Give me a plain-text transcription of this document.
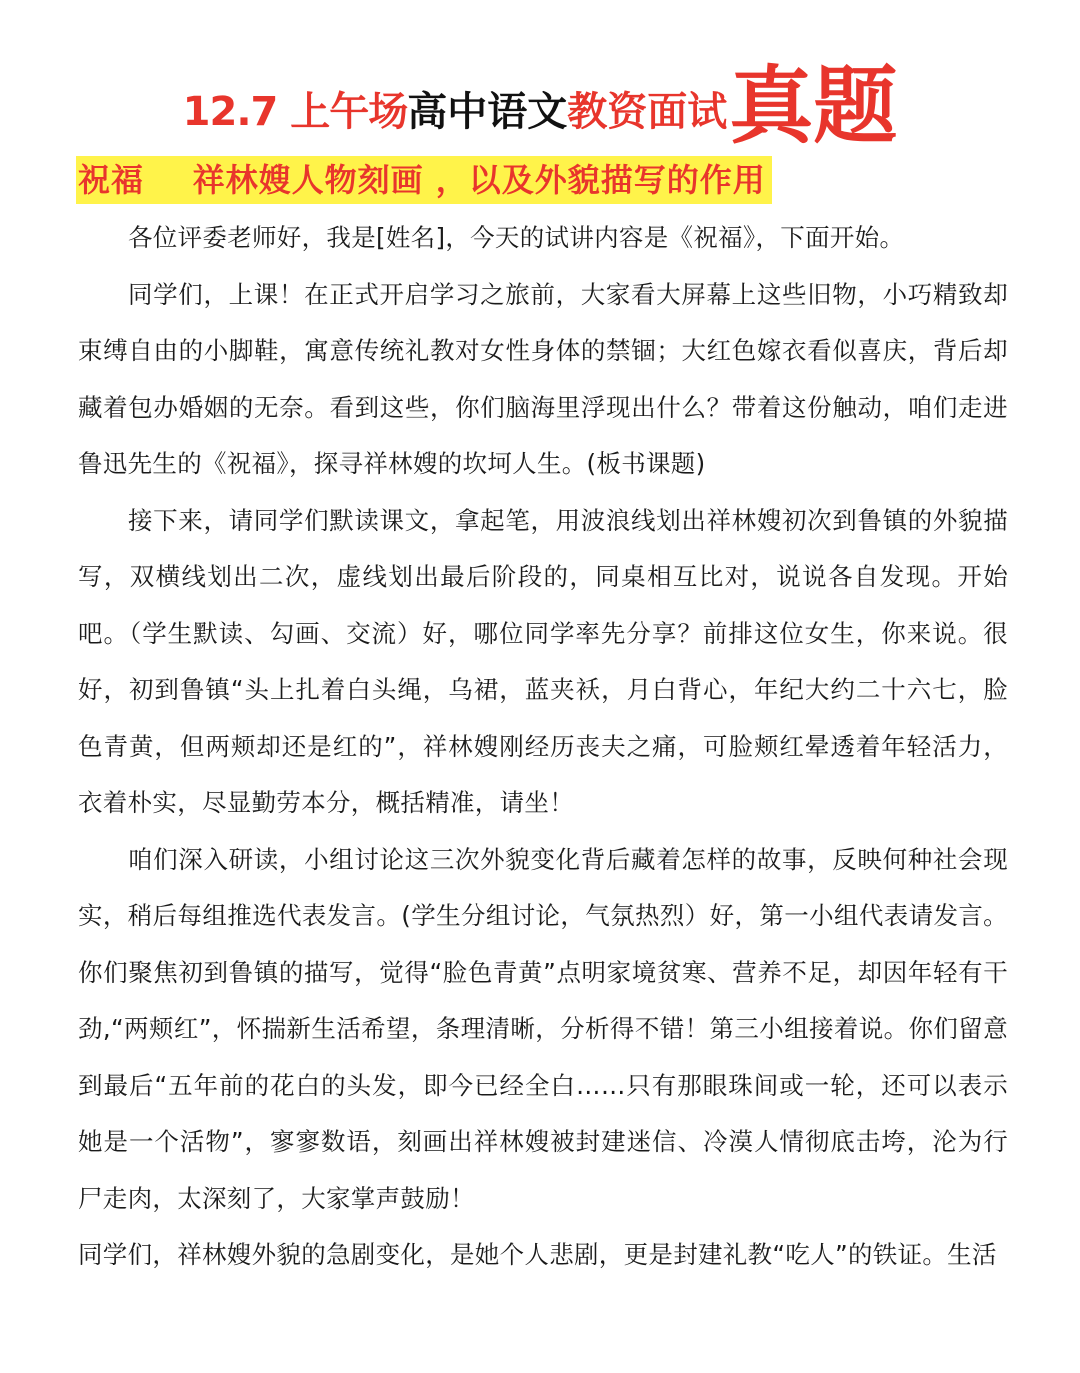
12.7 上午场 高中语文 教资面试 真题
祝福    祥林嫂人物刻画 ，以及外貌描写的作用

各位评委老师好，我是[姓名]，今天的试讲内容是《祝福》，下面开始。

同学们，上课！在正式开启学习之旅前，大家看大屏幕上这些旧物，小巧精致却束缚自由的小脚鞋，寓意传统礼教对女性身体的禁锢；大红色嫁衣看似喜庆，背后却藏着包办婚姻的无奈。看到这些，你们脑海里浮现出什么？带着这份触动，咱们走进鲁迅先生的《祝福》，探寻祥林嫂的坎坷人生。(板书课题)

接下来，请同学们默读课文，拿起笔，用波浪线划出祥林嫂初次到鲁镇的外貌描写，双横线划出二次，虚线划出最后阶段的，同桌相互比对，说说各自发现。开始吧。（学生默读、勾画、交流）好，哪位同学率先分享？前排这位女生，你来说。很好，初到鲁镇“头上扎着白头绳，乌裙，蓝夹袄，月白背心，年纪大约二十六七，脸色青黄，但两颊却还是红的”，祥林嫂刚经历丧夫之痛，可脸颊红晕透着年轻活力，衣着朴实，尽显勤劳本分，概括精准，请坐！

咱们深入研读，小组讨论这三次外貌变化背后藏着怎样的故事，反映何种社会现实，稍后每组推选代表发言。(学生分组讨论，气氛热烈）好，第一小组代表请发言。你们聚焦初到鲁镇的描写，觉得“脸色青黄”点明家境贫寒、营养不足，却因年轻有干劲,“两颊红”，怀揣新生活希望，条理清晰，分析得不错！第三小组接着说。你们留意到最后“五年前的花白的头发，即今已经全白……只有那眼珠间或一轮，还可以表示她是一个活物”，寥寥数语，刻画出祥林嫂被封建迷信、冷漠人情彻底击垮，沦为行尸走肉，太深刻了，大家掌声鼓励！

同学们，祥林嫂外貌的急剧变化，是她个人悲剧，更是封建礼教“吃人”的铁证。生活
